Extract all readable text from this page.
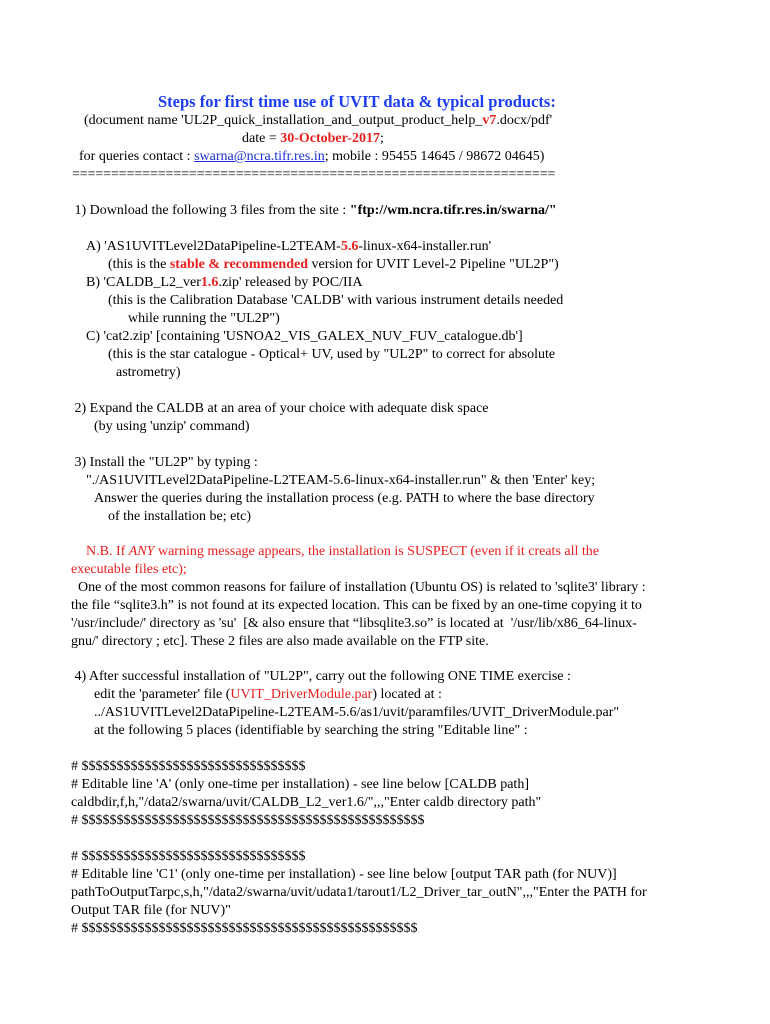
Steps for first time use of UVIT data & typical products:
(document name 'UL2P_quick_installation_and_output_product_help_v7.docx/pdf'
date = 30-October-2017;
for queries contact : swarna@ncra.tifr.res.in; mobile : 95455 14645 / 98672 04645)
==============================================================
1) Download the following 3 files from the site : "ftp://wm.ncra.tifr.res.in/swarna/"
A) 'AS1UVITLevel2DataPipeline-L2TEAM-5.6-linux-x64-installer.run'
(this is the stable & recommended version for UVIT Level-2 Pipeline "UL2P")
B) 'CALDB_L2_ver1.6.zip' released by POC/IIA
(this is the Calibration Database 'CALDB' with various instrument details needed
while running the "UL2P")
C) 'cat2.zip' [containing 'USNOA2_VIS_GALEX_NUV_FUV_catalogue.db']
(this is the star catalogue - Optical+ UV, used by "UL2P" to correct for absolute
astrometry)
2) Expand the CALDB at an area of your choice with adequate disk space
(by using 'unzip' command)
3) Install the "UL2P" by typing :
"./AS1UVITLevel2DataPipeline-L2TEAM-5.6-linux-x64-installer.run" & then 'Enter' key;
Answer the queries during the installation process (e.g. PATH to where the base directory
of the installation be; etc)
N.B. If ANY warning message appears, the installation is SUSPECT (even if it creats all the
executable files etc);
One of the most common reasons for failure of installation (Ubuntu OS) is related to 'sqlite3' library :
the file “sqlite3.h” is not found at its expected location. This can be fixed by an one-time copying it to
'/usr/include/' directory as 'su'  [& also ensure that “libsqlite3.so” is located at  '/usr/lib/x86_64-linux-
gnu/' directory ; etc]. These 2 files are also made available on the FTP site.
4) After successful installation of "UL2P", carry out the following ONE TIME exercise :
edit the 'parameter' file (UVIT_DriverModule.par) located at :
../AS1UVITLevel2DataPipeline-L2TEAM-5.6/as1/uvit/paramfiles/UVIT_DriverModule.par"
at the following 5 places (identifiable by searching the string "Editable line" :
# $$$$$$$$$$$$$$$$$$$$$$$$$$$$$$$$
# Editable line 'A' (only one-time per installation) - see line below [CALDB path]
caldbdir,f,h,"/data2/swarna/uvit/CALDB_L2_ver1.6/",,,"Enter caldb directory path"
# $$$$$$$$$$$$$$$$$$$$$$$$$$$$$$$$$$$$$$$$$$$$$$$$$
# $$$$$$$$$$$$$$$$$$$$$$$$$$$$$$$$
# Editable line 'C1' (only one-time per installation) - see line below [output TAR path (for NUV)]
pathToOutputTarpc,s,h,"/data2/swarna/uvit/udata1/tarout1/L2_Driver_tar_outN",,,"Enter the PATH for
Output TAR file (for NUV)"
# $$$$$$$$$$$$$$$$$$$$$$$$$$$$$$$$$$$$$$$$$$$$$$$$
